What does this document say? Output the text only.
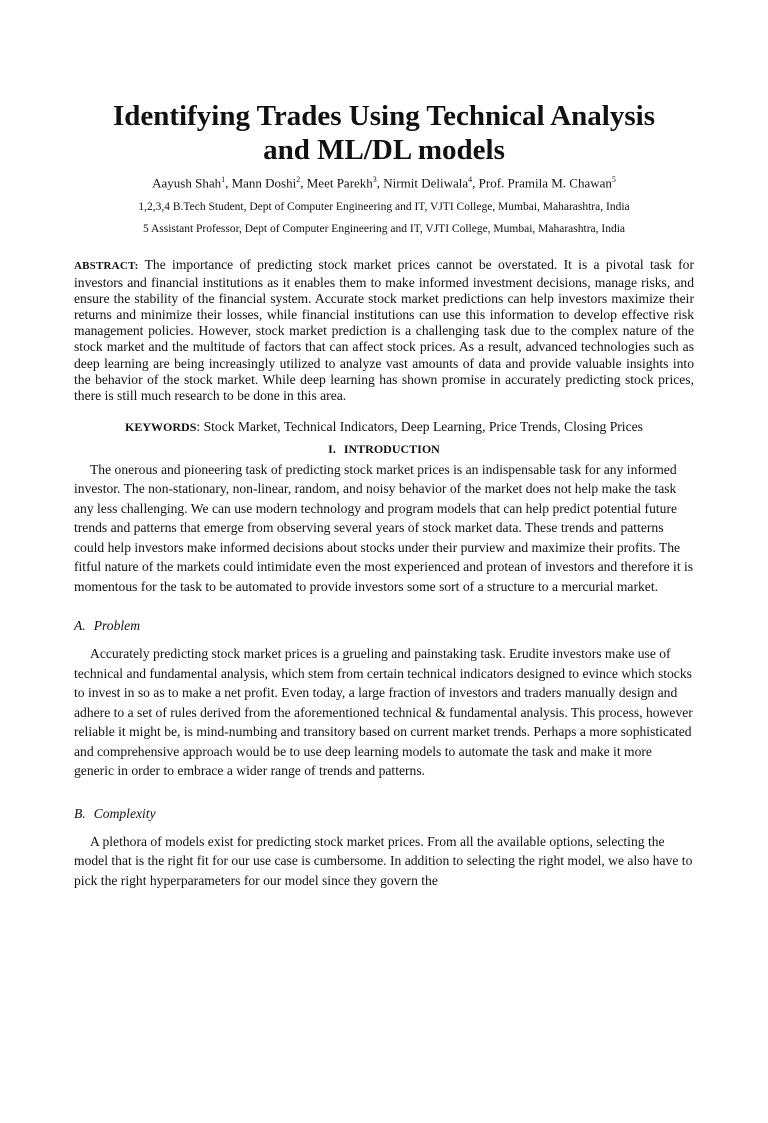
Identifying Trades Using Technical Analysis
and ML/DL models
Aayush Shah$^1$, Mann Doshi$^2$, Meet Parekh$^3$, Nirmit Deliwala$^4$, Prof. Pramila M. Chawan$^5$
1,2,3,4 B.Tech Student, Dept of Computer Engineering and IT, VJTI College, Mumbai, Maharashtra, India
5 Assistant Professor, Dept of Computer Engineering and IT, VJTI College, Mumbai, Maharashtra, India

ABSTRACT: The importance of predicting stock market prices cannot be overstated. It is a pivotal task for investors and financial institutions as it enables them to make informed investment decisions, manage risks, and ensure the stability of the financial system. Accurate stock market predictions can help investors maximize their returns and minimize their losses, while financial institutions can use this information to develop effective risk management policies. However, stock market prediction is a challenging task due to the complex nature of the stock market and the multitude of factors that can affect stock prices. As a result, advanced technologies such as deep learning are being increasingly utilized to analyze vast amounts of data and provide valuable insights into the behavior of the stock market. While deep learning has shown promise in accurately predicting stock prices, there is still much research to be done in this area.

KEYWORDS: Stock Market, Technical Indicators, Deep Learning, Price Trends, Closing Prices
I. INTRODUCTION

The onerous and pioneering task of predicting stock market prices is an indispensable task for any informed investor. The non-stationary, non-linear, random, and noisy behavior of the market does not help make the task any less challenging. We can use modern technology and program models that can help predict potential future trends and patterns that emerge from observing several years of stock market data. These trends and patterns could help investors make informed decisions about stocks under their purview and maximize their profits. The fitful nature of the markets could intimidate even the most experienced and protean of investors and therefore it is momentous for the task to be automated to provide investors some sort of a structure to a mercurial market.

A. Problem

Accurately predicting stock market prices is a grueling and painstaking task. Erudite investors make use of technical and fundamental analysis, which stem from certain technical indicators designed to evince which stocks to invest in so as to make a net profit. Even today, a large fraction of investors and traders manually design and adhere to a set of rules derived from the aforementioned technical & fundamental analysis. This process, however reliable it might be, is mind-numbing and transitory based on current market trends. Perhaps a more sophisticated and comprehensive approach would be to use deep learning models to automate the task and make it more generic in order to embrace a wider range of trends and patterns.

B. Complexity

A plethora of models exist for predicting stock market prices. From all the available options, selecting the model that is the right fit for our use case is cumbersome. In addition to selecting the right model, we also have to pick the right hyperparameters for our model since they govern the
